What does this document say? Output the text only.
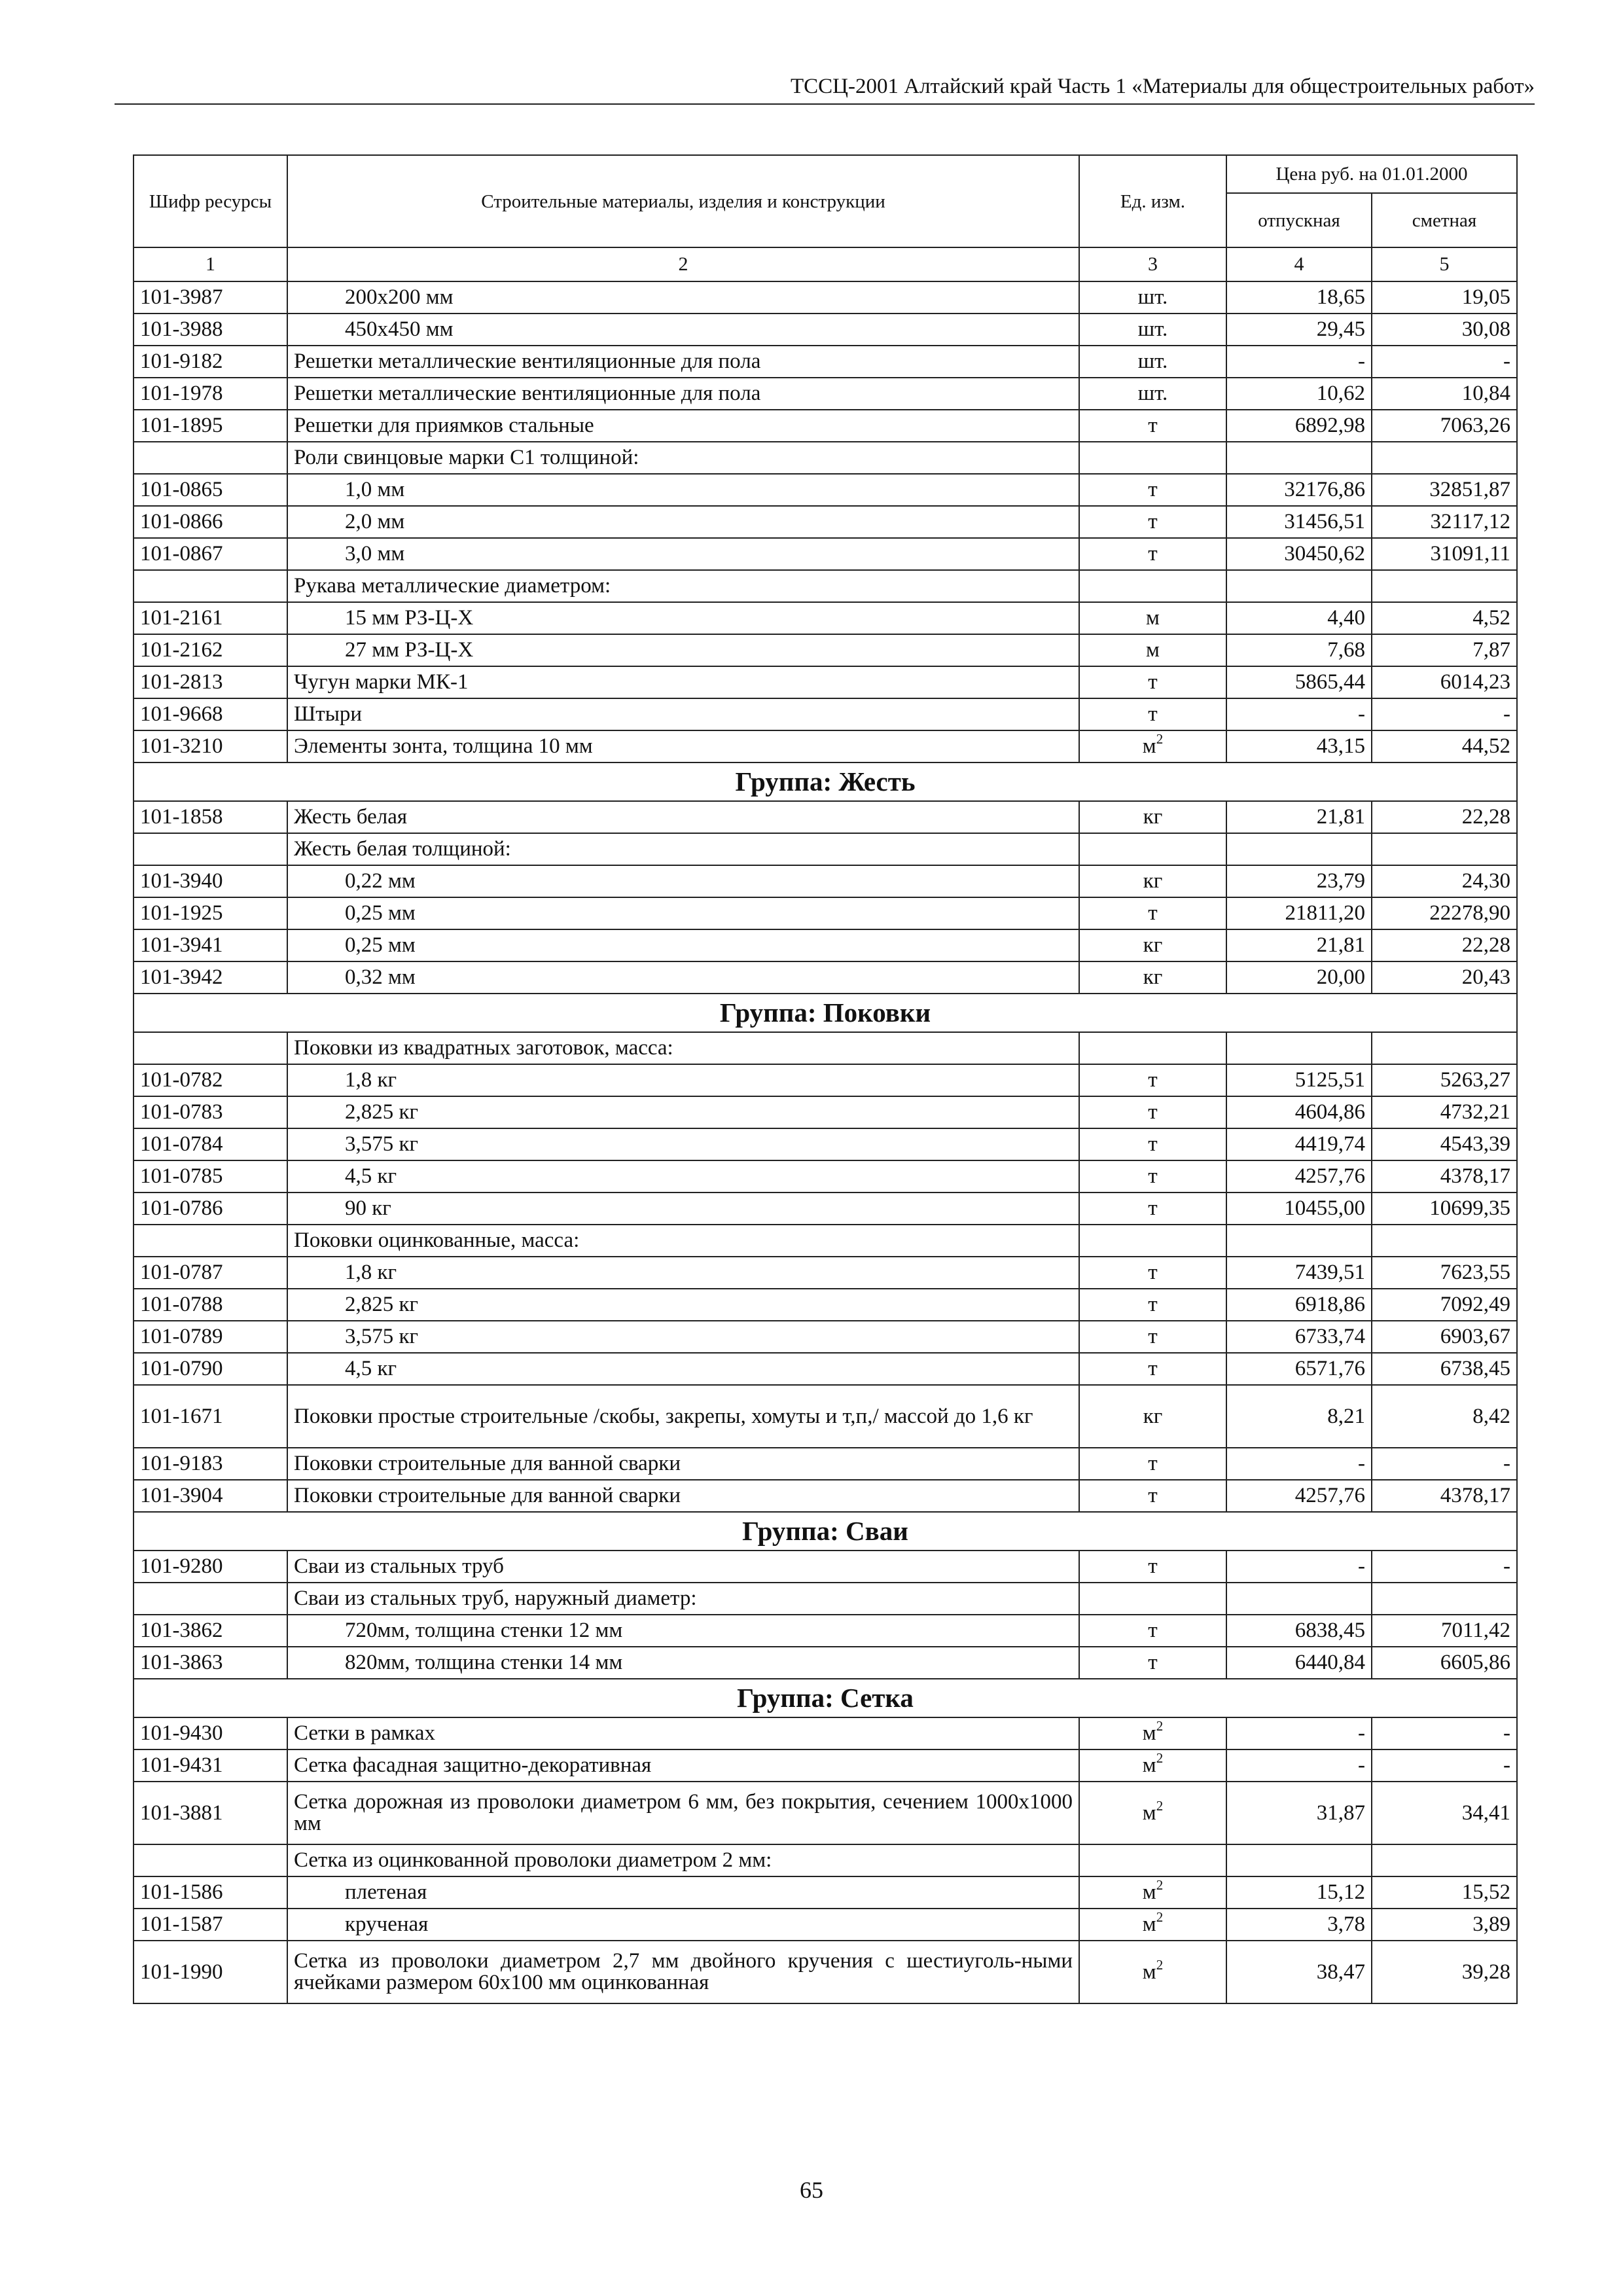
ТССЦ-2001 Алтайский край Часть 1 «Материалы для общестроительных работ»
Шифр ресурсы	Строительные материалы, изделия и конструкции	Ед. изм.	Цена руб. на 01.01.2000	
			отпускная	сметная
1	2	3	4	5
101-3987	200х200 мм	шт.	18,65	19,05
101-3988	450х450 мм	шт.	29,45	30,08
101-9182	Решетки металлические вентиляционные для пола	шт.	-	-
101-1978	Решетки металлические вентиляционные для пола	шт.	10,62	10,84
101-1895	Решетки для приямков стальные	т	6892,98	7063,26
	Роли свинцовые марки С1 толщиной:			
101-0865	1,0 мм	т	32176,86	32851,87
101-0866	2,0 мм	т	31456,51	32117,12
101-0867	3,0 мм	т	30450,62	31091,11
	Рукава металлические диаметром:			
101-2161	15 мм РЗ-Ц-Х	м	4,40	4,52
101-2162	27 мм РЗ-Ц-Х	м	7,68	7,87
101-2813	Чугун марки МК-1	т	5865,44	6014,23
101-9668	Штыри	т	-	-
101-3210	Элементы зонта, толщина 10 мм	$м^2$	43,15	44,52
Группа: Жесть				
101-1858	Жесть белая	кг	21,81	22,28
	Жесть белая толщиной:			
101-3940	0,22 мм	кг	23,79	24,30
101-1925	0,25 мм	т	21811,20	22278,90
101-3941	0,25 мм	кг	21,81	22,28
101-3942	0,32 мм	кг	20,00	20,43
Группа: Поковки				
	Поковки из квадратных заготовок, масса:			
101-0782	1,8 кг	т	5125,51	5263,27
101-0783	2,825 кг	т	4604,86	4732,21
101-0784	3,575 кг	т	4419,74	4543,39
101-0785	4,5 кг	т	4257,76	4378,17
101-0786	90 кг	т	10455,00	10699,35
	Поковки оцинкованные, масса:			
101-0787	1,8 кг	т	7439,51	7623,55
101-0788	2,825 кг	т	6918,86	7092,49
101-0789	3,575 кг	т	6733,74	6903,67
101-0790	4,5 кг	т	6571,76	6738,45
101-1671	Поковки простые строительные /скобы, закрепы, хомуты и т,п,/ массой до 1,6 кг	кг	8,21	8,42
101-9183	Поковки строительные для ванной сварки	т	-	-
101-3904	Поковки строительные для ванной сварки	т	4257,76	4378,17
Группа: Сваи				
101-9280	Сваи из стальных труб	т	-	-
	Сваи из стальных труб, наружный диаметр:			
101-3862	720мм, толщина стенки 12 мм	т	6838,45	7011,42
101-3863	820мм, толщина стенки 14 мм	т	6440,84	6605,86
Группа: Сетка				
101-9430	Сетки в рамках	$м^2$	-	-
101-9431	Сетка фасадная защитно-декоративная	$м^2$	-	-
101-3881	Сетка дорожная из проволоки диаметром 6 мм, без покрытия, сечением 1000х1000 мм	$м^2$	31,87	34,41
	Сетка из оцинкованной проволоки диаметром 2 мм:			
101-1586	плетеная	$м^2$	15,12	15,52
101-1587	крученая	$м^2$	3,78	3,89
101-1990	Сетка из проволоки диаметром 2,7 мм двойного кручения с шестиуголь-ными ячейками размером 60х100 мм оцинкованная	$м^2$	38,47	39,28
65
